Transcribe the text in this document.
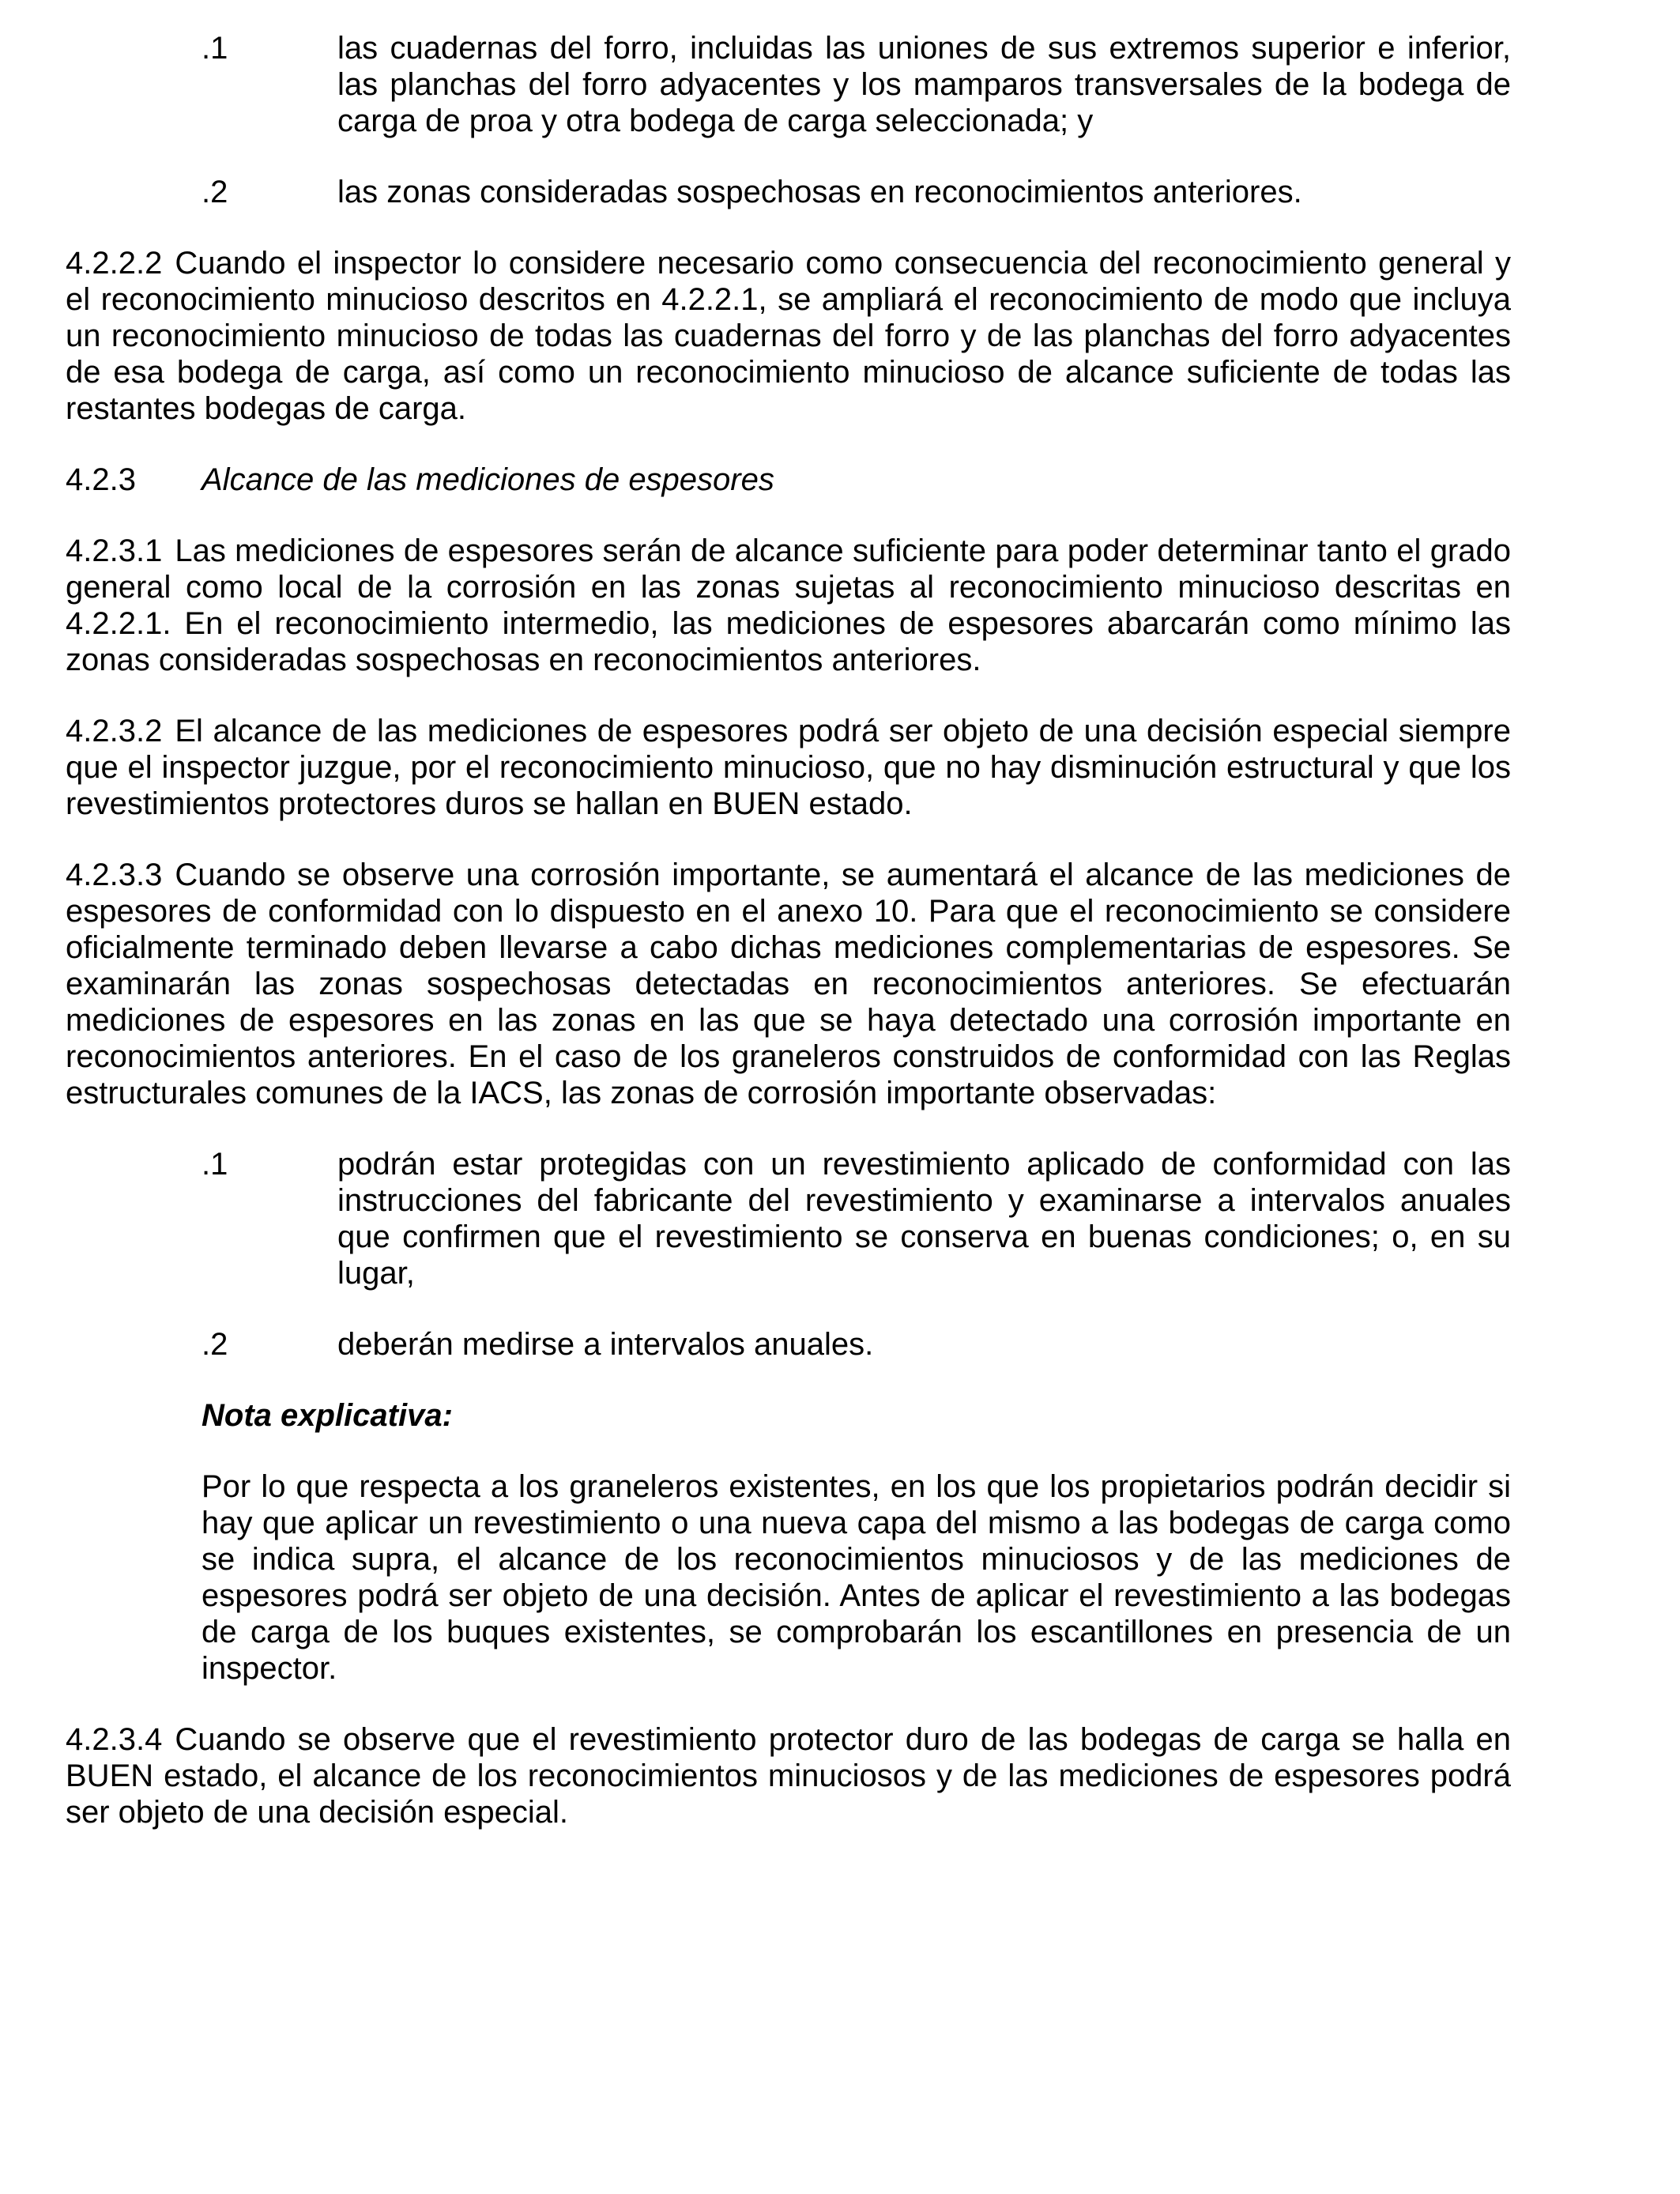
.1	las cuadernas del forro, incluidas las uniones de sus extremos superior e inferior, las planchas del forro adyacentes y los mamparos transversales de la bodega de carga de proa y otra bodega de carga seleccionada; y
.2	las zonas consideradas sospechosas en reconocimientos anteriores.
4.2.2.2 Cuando el inspector lo considere necesario como consecuencia del reconocimiento general y el reconocimiento minucioso descritos en 4.2.2.1, se ampliará el reconocimiento de modo que incluya un reconocimiento minucioso de todas las cuadernas del forro y de las planchas del forro adyacentes de esa bodega de carga, así como un reconocimiento minucioso de alcance suficiente de todas las restantes bodegas de carga.
4.2.3 Alcance de las mediciones de espesores
4.2.3.1 Las mediciones de espesores serán de alcance suficiente para poder determinar tanto el grado general como local de la corrosión en las zonas sujetas al reconocimiento minucioso descritas en 4.2.2.1. En el reconocimiento intermedio, las mediciones de espesores abarcarán como mínimo las zonas consideradas sospechosas en reconocimientos anteriores.
4.2.3.2 El alcance de las mediciones de espesores podrá ser objeto de una decisión especial siempre que el inspector juzgue, por el reconocimiento minucioso, que no hay disminución estructural y que los revestimientos protectores duros se hallan en BUEN estado.
4.2.3.3 Cuando se observe una corrosión importante, se aumentará el alcance de las mediciones de espesores de conformidad con lo dispuesto en el anexo 10. Para que el reconocimiento se considere oficialmente terminado deben llevarse a cabo dichas mediciones complementarias de espesores. Se examinarán las zonas sospechosas detectadas en reconocimientos anteriores. Se efectuarán mediciones de espesores en las zonas en las que se haya detectado una corrosión importante en reconocimientos anteriores. En el caso de los graneleros construidos de conformidad con las Reglas estructurales comunes de la IACS, las zonas de corrosión importante observadas:
.1	podrán estar protegidas con un revestimiento aplicado de conformidad con las instrucciones del fabricante del revestimiento y examinarse a intervalos anuales que confirmen que el revestimiento se conserva en buenas condiciones; o, en su lugar,
.2	deberán medirse a intervalos anuales.
Nota explicativa:
Por lo que respecta a los graneleros existentes, en los que los propietarios podrán decidir si hay que aplicar un revestimiento o una nueva capa del mismo a las bodegas de carga como se indica supra, el alcance de los reconocimientos minuciosos y de las mediciones de espesores podrá ser objeto de una decisión. Antes de aplicar el revestimiento a las bodegas de carga de los buques existentes, se comprobarán los escantillones en presencia de un inspector.
4.2.3.4 Cuando se observe que el revestimiento protector duro de las bodegas de carga se halla en BUEN estado, el alcance de los reconocimientos minuciosos y de las mediciones de espesores podrá ser objeto de una decisión especial.
